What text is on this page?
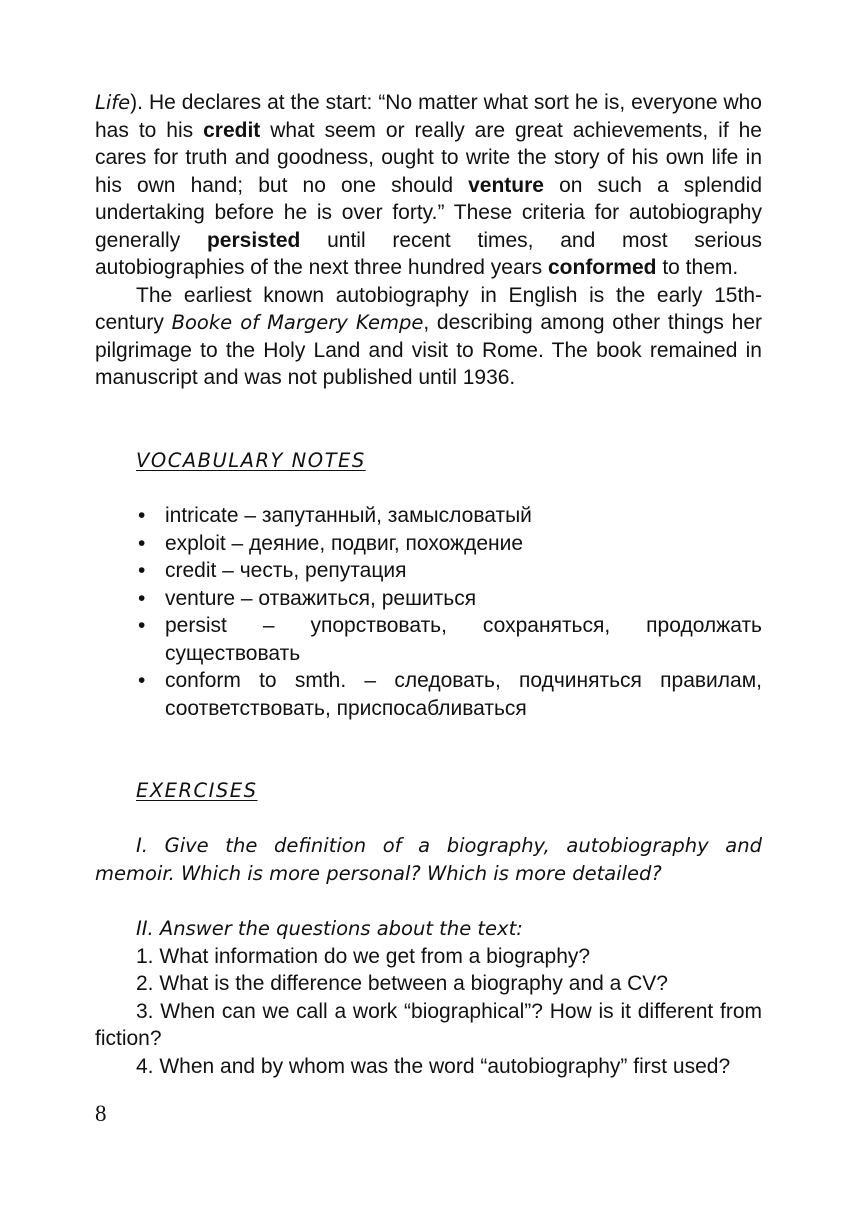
Life). He declares at the start: “No matter what sort he is, everyone who has to his credit what seem or really are great achievements, if he cares for truth and goodness, ought to write the story of his own life in his own hand; but no one should venture on such a splendid undertaking before he is over forty.” These criteria for autobiography generally persisted until recent times, and most serious autobiographies of the next three hundred years conformed to them.

The earliest known autobiography in English is the early 15th-century Booke of Margery Kempe, describing among other things her pilgrimage to the Holy Land and visit to Rome. The book remained in manuscript and was not published until 1936.

VOCABULARY NOTES
• intricate – запутанный, замысловатый
• exploit – деяние, подвиг, похождение
• credit – честь, репутация
• venture – отважиться, решиться
• persist – упорствовать, сохраняться, продолжать существовать
• conform to smth. – следовать, подчиняться правилам, соответствовать, приспосабливаться
EXERCISES
I. Give the deﬁnition of a biography, autobiography and memoir. Which is more personal? Which is more detailed?

II. Answer the questions about the text:

1. What information do we get from a biography?

2. What is the difference between a biography and a CV?

3. When can we call a work “biographical”? How is it different from fiction?

4. When and by whom was the word “autobiography” first used?

8
